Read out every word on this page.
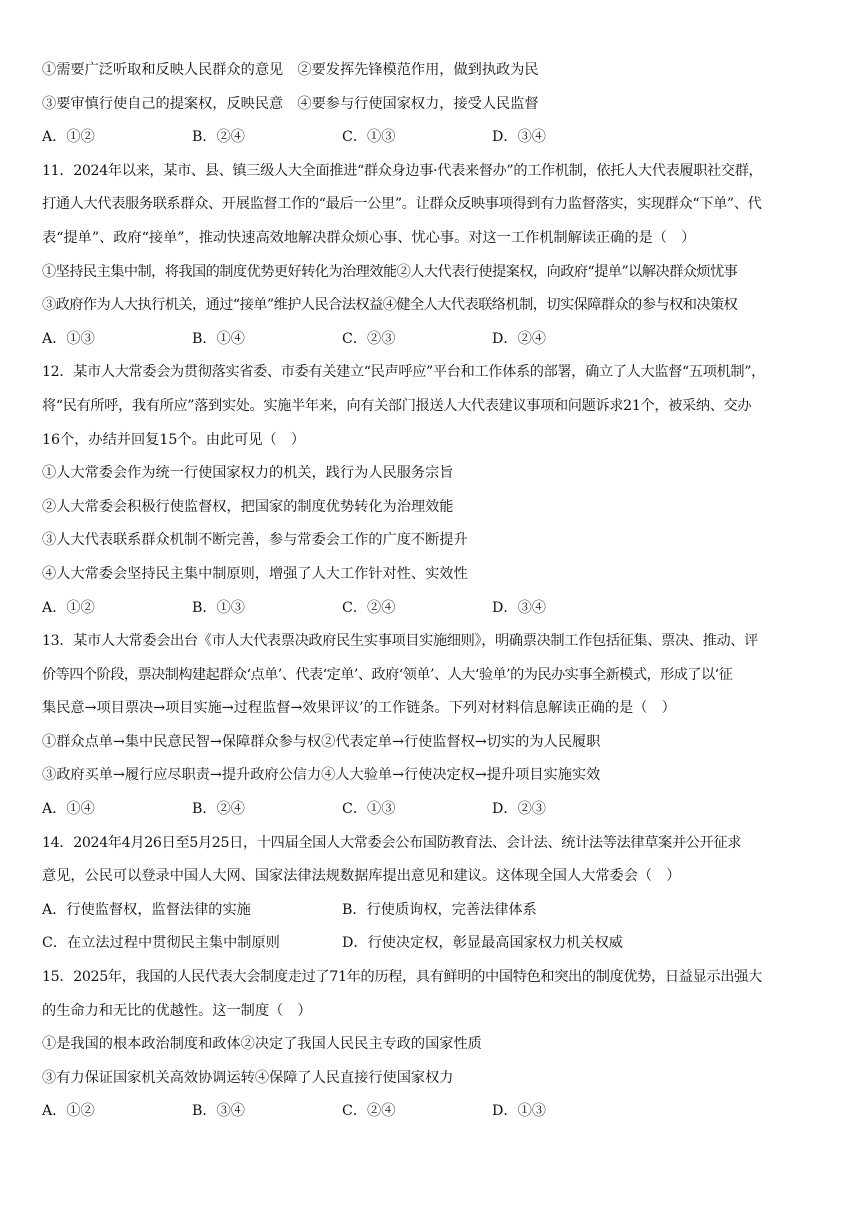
①需要广泛听取和反映人民群众的意见　②要发挥先锋模范作用，做到执政为民
③要审慎行使自己的提案权，反映民意　④要参与行使国家权力，接受人民监督
A．①②	B．②④	C．①③	D．③④
11．2024年以来，某市、县、镇三级人大全面推进“群众身边事·代表来督办”的工作机制，依托人大代表履职社交群，
打通人大代表服务联系群众、开展监督工作的“最后一公里”。让群众反映事项得到有力监督落实，实现群众“下单”、代
表“提单”、政府“接单”，推动快速高效地解决群众烦心事、忧心事。对这一工作机制解读正确的是（　）
①坚持民主集中制，将我国的制度优势更好转化为治理效能②人大代表行使提案权，向政府“提单”以解决群众烦忧事
③政府作为人大执行机关，通过“接单”维护人民合法权益④健全人大代表联络机制，切实保障群众的参与权和决策权
A．①③	B．①④	C．②③	D．②④
12．某市人大常委会为贯彻落实省委、市委有关建立“民声呼应”平台和工作体系的部署，确立了人大监督“五项机制”，
将“民有所呼，我有所应”落到实处。实施半年来，向有关部门报送人大代表建议事项和问题诉求21个，被采纳、交办
16个，办结并回复15个。由此可见（　）
①人大常委会作为统一行使国家权力的机关，践行为人民服务宗旨
②人大常委会积极行使监督权，把国家的制度优势转化为治理效能
③人大代表联系群众机制不断完善，参与常委会工作的广度不断提升
④人大常委会坚持民主集中制原则，增强了人大工作针对性、实效性
A．①②	B．①③	C．②④	D．③④
13．某市人大常委会出台《市人大代表票决政府民生实事项目实施细则》，明确票决制工作包括征集、票决、推动、评
价等四个阶段，票决制构建起群众‘点单’、代表‘定单’、政府‘领单’、人大‘验单’的为民办实事全新模式，形成了以‘征
集民意→项目票决→项目实施→过程监督→效果评议’的工作链条。下列对材料信息解读正确的是（　）
①群众点单→集中民意民智→保障群众参与权②代表定单→行使监督权→切实的为人民履职
③政府买单→履行应尽职责→提升政府公信力④人大验单→行使决定权→提升项目实施实效
A．①④	B．②④	C．①③	D．②③
14．2024年4月26日至5月25日，十四届全国人大常委会公布国防教育法、会计法、统计法等法律草案并公开征求
意见，公民可以登录中国人大网、国家法律法规数据库提出意见和建议。这体现全国人大常委会（　）
A．行使监督权，监督法律的实施	B．行使质询权，完善法律体系
C．在立法过程中贯彻民主集中制原则	D．行使决定权，彰显最高国家权力机关权威
15．2025年，我国的人民代表大会制度走过了71年的历程，具有鲜明的中国特色和突出的制度优势，日益显示出强大
的生命力和无比的优越性。这一制度（　）
①是我国的根本政治制度和政体②决定了我国人民民主专政的国家性质
③有力保证国家机关高效协调运转④保障了人民直接行使国家权力
A．①②	B．③④	C．②④	D．①③
